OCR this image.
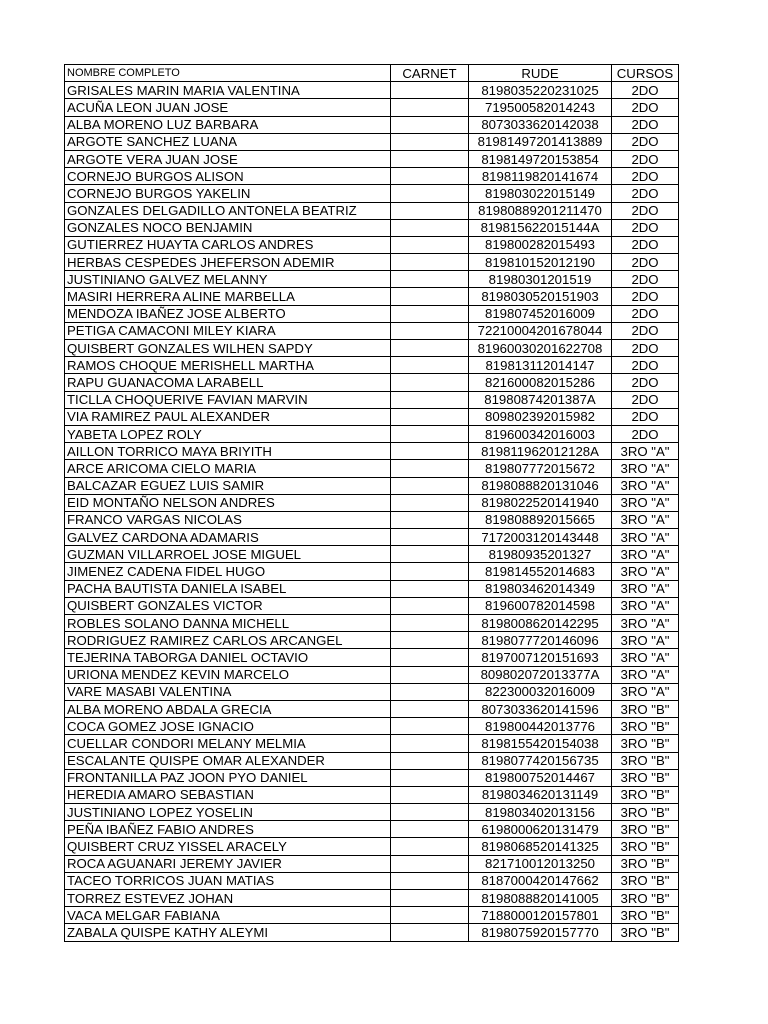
NOMBRE COMPLETO	CARNET	RUDE	CURSOS
GRISALES MARIN MARIA VALENTINA		8198035220231025	2DO
ACUÑA LEON JUAN JOSE		719500582014243	2DO
ALBA MORENO LUZ BARBARA		8073033620142038	2DO
ARGOTE SANCHEZ LUANA		81981497201413889	2DO
ARGOTE VERA JUAN JOSE		8198149720153854	2DO
CORNEJO BURGOS ALISON		8198119820141674	2DO
CORNEJO BURGOS YAKELIN		819803022015149	2DO
GONZALES DELGADILLO ANTONELA BEATRIZ		81980889201211470	2DO
GONZALES NOCO BENJAMIN		819815622015144A	2DO
GUTIERREZ HUAYTA CARLOS ANDRES		819800282015493	2DO
HERBAS CESPEDES JHEFERSON ADEMIR		819810152012190	2DO
JUSTINIANO GALVEZ MELANNY		81980301201519	2DO
MASIRI HERRERA ALINE MARBELLA		8198030520151903	2DO
MENDOZA IBAÑEZ JOSE ALBERTO		819807452016009	2DO
PETIGA CAMACONI MILEY KIARA		72210004201678044	2DO
QUISBERT GONZALES WILHEN SAPDY		81960030201622708	2DO
RAMOS CHOQUE MERISHELL MARTHA		819813112014147	2DO
RAPU GUANACOMA LARABELL		821600082015286	2DO
TICLLA CHOQUERIVE FAVIAN MARVIN		81980874201387A	2DO
VIA RAMIREZ PAUL ALEXANDER		809802392015982	2DO
YABETA LOPEZ ROLY		819600342016003	2DO
AILLON TORRICO MAYA BRIYITH		819811962012128A	3RO "A"
ARCE ARICOMA CIELO MARIA		819807772015672	3RO "A"
BALCAZAR EGUEZ LUIS SAMIR		8198088820131046	3RO "A"
EID MONTAÑO NELSON ANDRES		8198022520141940	3RO "A"
FRANCO VARGAS NICOLAS		819808892015665	3RO "A"
GALVEZ CARDONA ADAMARIS		7172003120143448	3RO "A"
GUZMAN VILLARROEL JOSE MIGUEL		81980935201327	3RO "A"
JIMENEZ CADENA FIDEL HUGO		819814552014683	3RO "A"
PACHA BAUTISTA DANIELA ISABEL		819803462014349	3RO "A"
QUISBERT GONZALES VICTOR		819600782014598	3RO "A"
ROBLES SOLANO DANNA MICHELL		8198008620142295	3RO "A"
RODRIGUEZ RAMIREZ CARLOS ARCANGEL		8198077720146096	3RO "A"
TEJERINA TABORGA DANIEL OCTAVIO		8197007120151693	3RO "A"
URIONA MENDEZ KEVIN MARCELO		809802072013377A	3RO "A"
VARE MASABI VALENTINA		822300032016009	3RO "A"
ALBA MORENO ABDALA GRECIA		8073033620141596	3RO "B"
COCA GOMEZ JOSE IGNACIO		819800442013776	3RO "B"
CUELLAR CONDORI MELANY MELMIA		8198155420154038	3RO "B"
ESCALANTE QUISPE OMAR ALEXANDER		8198077420156735	3RO "B"
FRONTANILLA PAZ JOON PYO DANIEL		819800752014467	3RO "B"
HEREDIA AMARO SEBASTIAN		8198034620131149	3RO "B"
JUSTINIANO LOPEZ YOSELIN		819803402013156	3RO "B"
PEÑA IBAÑEZ FABIO ANDRES		6198000620131479	3RO "B"
QUISBERT CRUZ YISSEL ARACELY		8198068520141325	3RO "B"
ROCA AGUANARI JEREMY JAVIER		821710012013250	3RO "B"
TACEO TORRICOS JUAN MATIAS		8187000420147662	3RO "B"
TORREZ ESTEVEZ JOHAN		8198088820141005	3RO "B"
VACA MELGAR FABIANA		7188000120157801	3RO "B"
ZABALA QUISPE KATHY ALEYMI		8198075920157770	3RO "B"
